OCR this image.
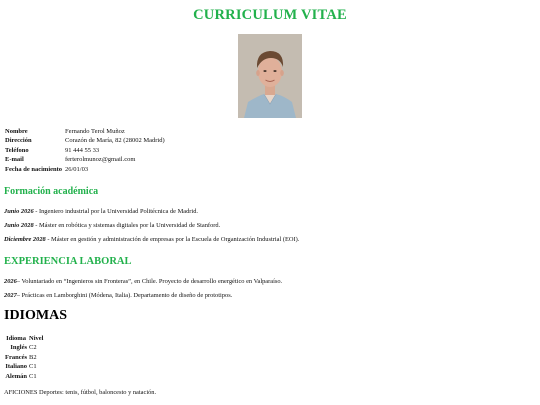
CURRICULUM VITAE
Nombre	Fernando Terol Muñoz
Dirección	Corazón de María, 82 (28002 Madrid)
Teléfono	91 444 55 33
E-mail	ferterolmunoz@gmail.com
Fecha de nacimiento 26/01/03
Formación académica
Junio 2026 - Ingeniero industrial por la Universidad Politécnica de Madrid.
Junio 2028 - Máster en robótica y sistemas digitales por la Universidad de Stanford.
Diciembre 2028 - Máster en gestión y administración de empresas por la Escuela de Organización Industrial (EOI).
EXPERIENCIA LABORAL
2026– Voluntariado en “Ingenieros sin Fronteras”, en Chile. Proyecto de desarrollo energético en Valparaíso.
2027– Prácticas en Lamborghini (Módena, Italia). Departamento de diseño de prototipos.
IDIOMAS
Idioma	Nivel
Inglés	C2
Francés	B2
Italiano	C1
Alemán	C1
AFICIONES Deportes: tenis, fútbol, baloncesto y natación.
